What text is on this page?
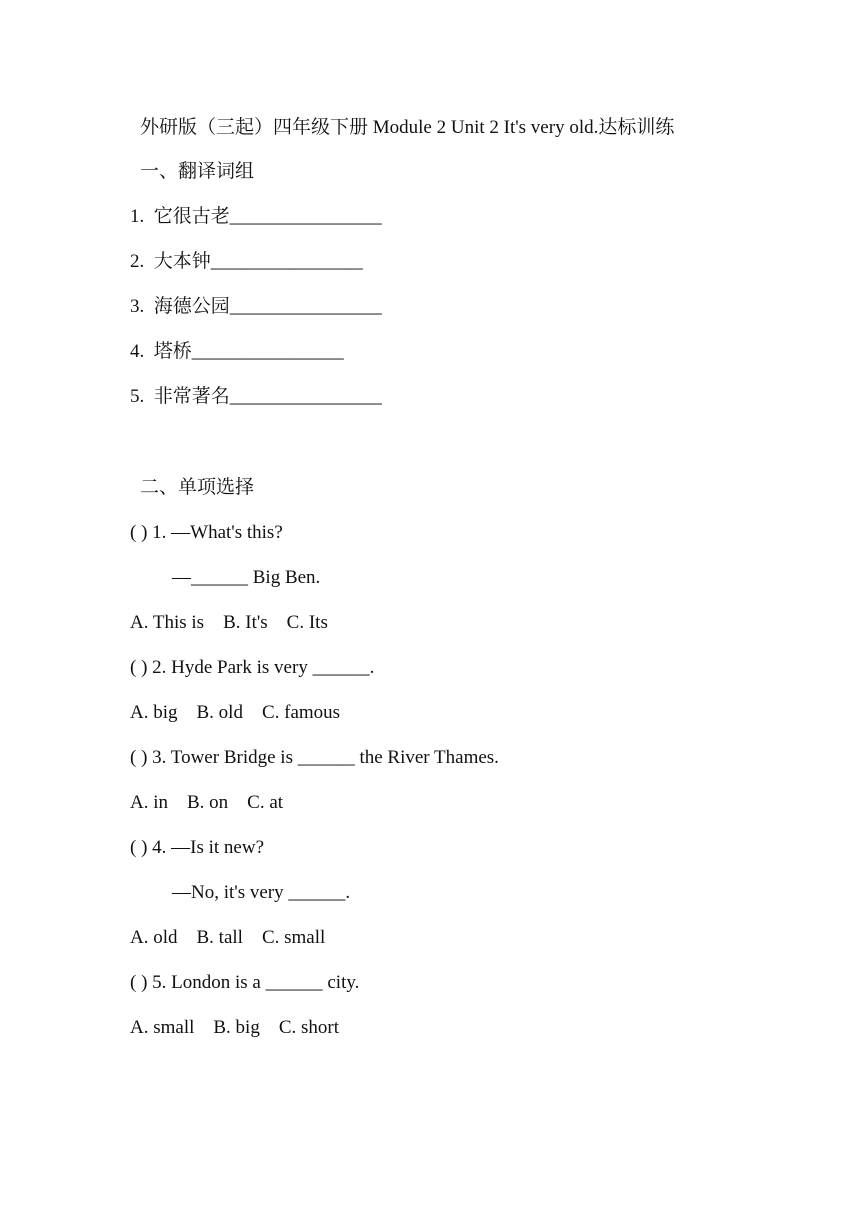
外研版（三起）四年级下册 Module 2 Unit 2 It's very old.达标训练
一、翻译词组
1.  它很古老________________
2.  大本钟________________
3.  海德公园________________
4.  塔桥________________
5.  非常著名________________
二、单项选择
( ) 1. —What's this?
—______ Big Ben.
A. This is    B. It's    C. Its
( ) 2. Hyde Park is very ______.
A. big    B. old    C. famous
( ) 3. Tower Bridge is ______ the River Thames.
A. in    B. on    C. at
( ) 4. —Is it new?
—No, it's very ______.
A. old    B. tall    C. small
( ) 5. London is a ______ city.
A. small    B. big    C. short
